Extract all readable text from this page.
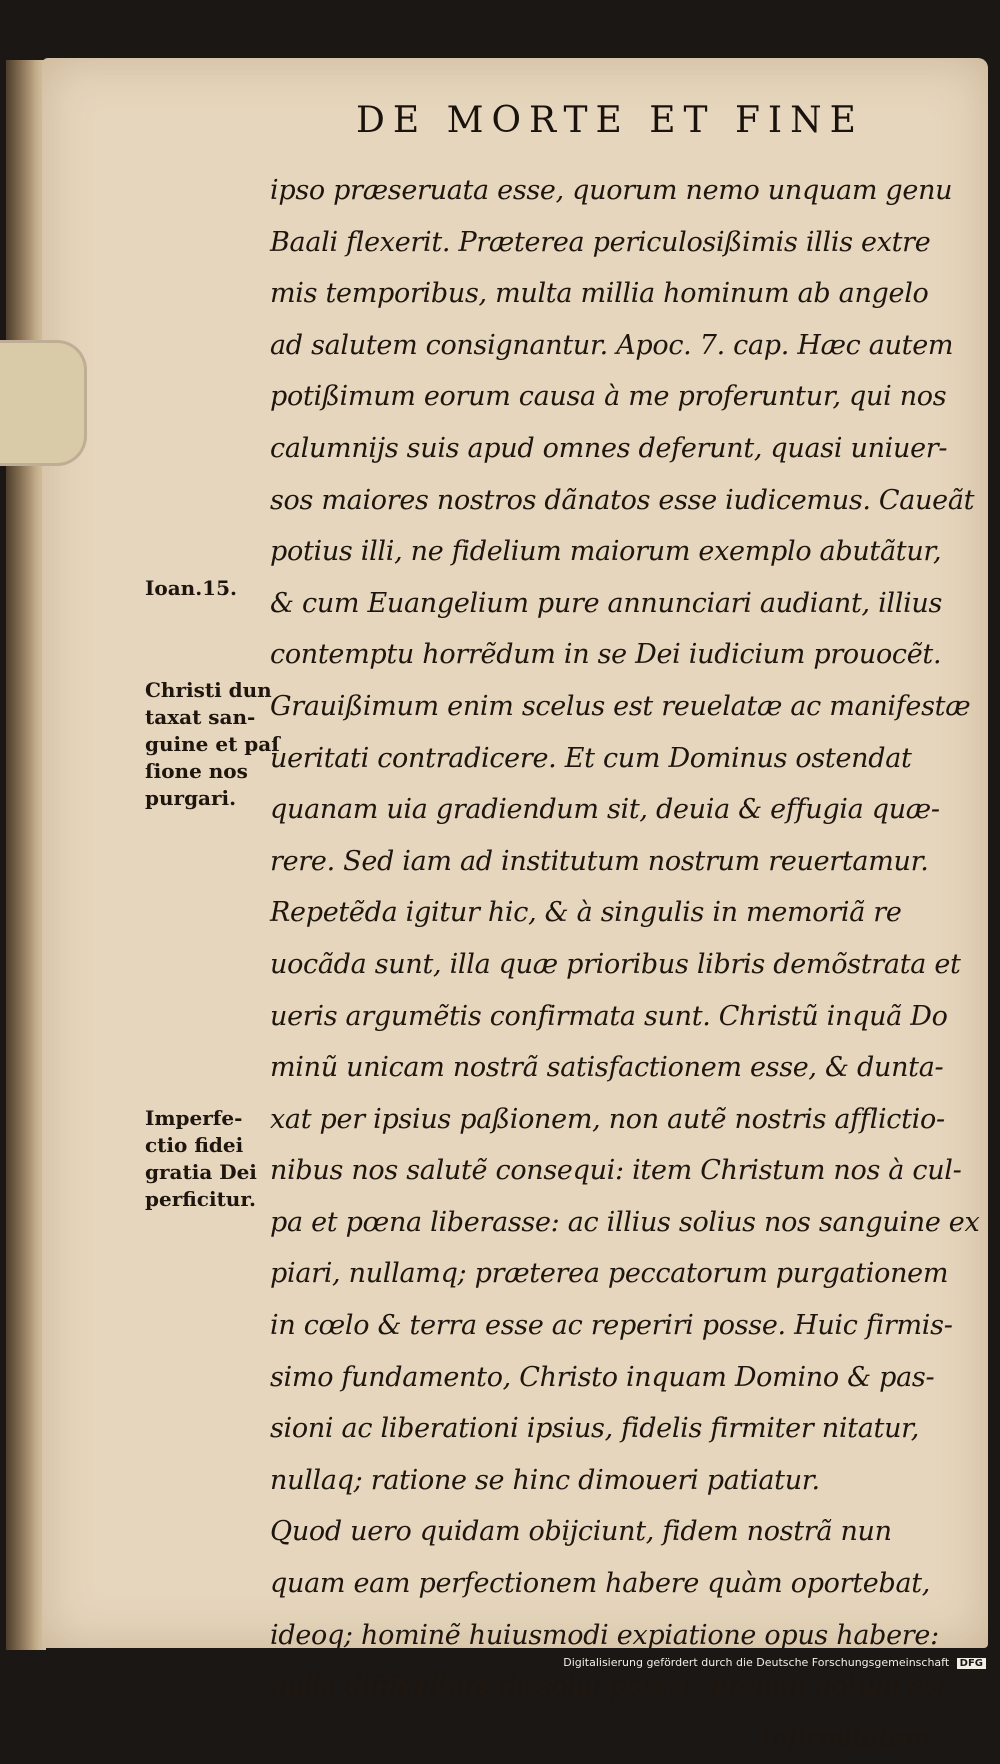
DE MORTE ET FINE
ipso præseruata esse, quorum nemo unquam genu
Baali flexerit. Præterea periculosißimis illis extre
mis temporibus, multa millia hominum ab angelo
ad salutem consignantur. Apoc. 7. cap. Hæc autem
potißimum eorum causa à me proferuntur, qui nos
calumnijs suis apud omnes deferunt, quasi uniuer-
sos maiores nostros dãnatos esse iudicemus. Caueãt
potius illi, ne fidelium maiorum exemplo abutãtur,
& cum Euangelium pure annunciari audiant, illius
contemptu horrẽdum in se Dei iudicium prouocẽt.
Grauißimum enim scelus est reuelatæ ac manifestæ
ueritati contradicere. Et cum Dominus ostendat
quanam uia gradiendum sit, deuia & effugia quæ-
rere. Sed iam ad institutum nostrum reuertamur.
Repetẽda igitur hic, & à singulis in memoriã re
uocãda sunt, illa quæ prioribus libris demõstrata et
ueris argumẽtis confirmata sunt. Christũ inquã Do
minũ unicam nostrã satisfactionem esse, & dunta-
xat per ipsius paßionem, non autẽ nostris afflictio-
nibus nos salutẽ consequi: item Christum nos à cul-
pa et pœna liberasse: ac illius solius nos sanguine ex
piari, nullamq; præterea peccatorum purgationem
in cœlo & terra esse ac reperiri posse. Huic firmis-
simo fundamento, Christo inquam Domino & pas-
sioni ac liberationi ipsius, fidelis firmiter nitatur,
nullaq; ratione se hinc dimoueri patiatur.
Quod uero quidam obijciunt, fidem nostrã nun
quam eam perfectionem habere quàm oportebat,
ideoq; hominẽ huiusmodi expiatione opus habere:
nulla difficultate dissolui potest. Etenim notum est,
infirmitatem
Ioan.15.
Christi dun
taxat san-
guine et paſ
ſione nos
purgari.
Imperfe-
ctio fidei
gratia Dei
perficitur.
Digitalisierung gefördert durch die Deutsche Forschungsgemeinschaft DFG
